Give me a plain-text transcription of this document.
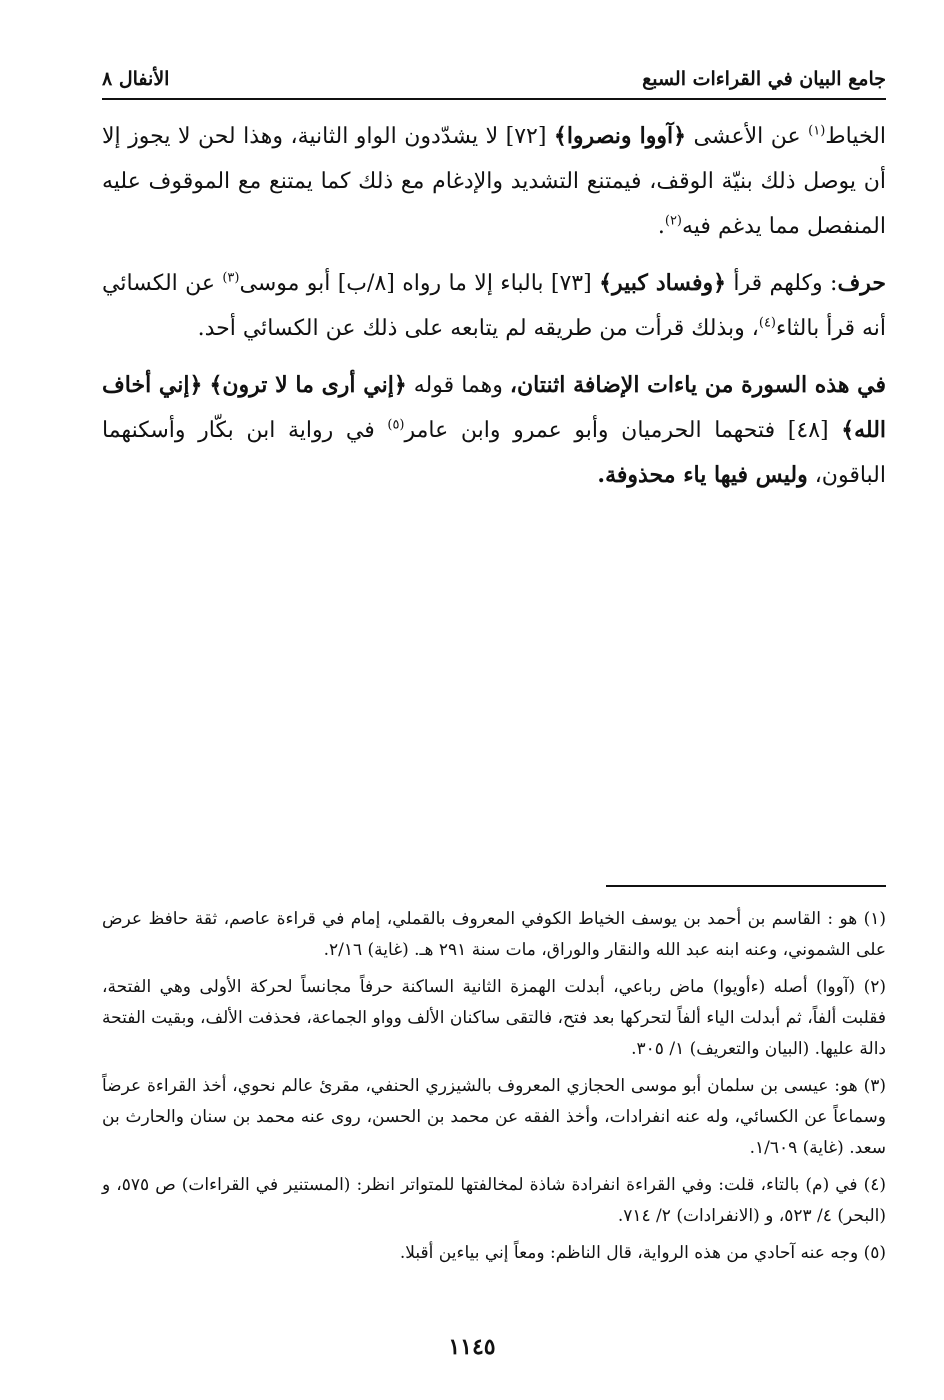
جامع البيان في القراءات السبع
الأنفال ٨

الخياط$^{(١)}$ عن الأعشى ﴿آووا ونصروا﴾ [٧٢] لا يشدّدون الواو الثانية، وهذا لحن لا يجوز إلا أن يوصل ذلك بنيّة الوقف، فيمتنع التشديد والإدغام مع ذلك كما يمتنع مع الموقوف عليه المنفصل مما يدغم فيه$^{(٢)}$.

حرف: وكلهم قرأ ﴿وفساد كبير﴾ [٧٣] بالباء إلا ما رواه [٨/ب] أبو موسى$^{(٣)}$ عن الكسائي أنه قرأ بالثاء$^{(٤)}$، وبذلك قرأت من طريقه لم يتابعه على ذلك عن الكسائي أحد.

في هذه السورة من ياءات الإضافة اثنتان، وهما قوله ﴿إني أرى ما لا ترون﴾ ﴿إني أخاف الله﴾ [٤٨] فتحهما الحرميان وأبو عمرو وابن عامر$^{(٥)}$ في رواية ابن بكّار وأسكنهما الباقون، وليس فيها ياء محذوفة.

(١) هو : القاسم بن أحمد بن يوسف الخياط الكوفي المعروف بالقملي، إمام في قراءة عاصم، ثقة حافظ عرض على الشموني، وعنه ابنه عبد الله والنقار والوراق، مات سنة ٢٩١ هـ. (غاية) ٢/١٦.

(٢) (آووا) أصله (ءأويوا) ماض رباعي، أبدلت الهمزة الثانية الساكنة حرفاً مجانساً لحركة الأولى وهي الفتحة، فقلبت ألفاً، ثم أبدلت الياء ألفاً لتحركها بعد فتح، فالتقى ساكنان الألف وواو الجماعة، فحذفت الألف، وبقيت الفتحة دالة عليها. (البيان والتعريف) ١/ ٣٠٥.

(٣) هو: عيسى بن سلمان أبو موسى الحجازي المعروف بالشيزري الحنفي، مقرئ عالم نحوي، أخذ القراءة عرضاً وسماعاً عن الكسائي، وله عنه انفرادات، وأخذ الفقه عن محمد بن الحسن، روى عنه محمد بن سنان والحارث بن سعد. (غاية) ١/٦٠٩.

(٤) في (م) بالتاء، قلت: وفي القراءة انفرادة شاذة لمخالفتها للمتواتر انظر: (المستنير في القراءات) ص ٥٧٥، و (البحر) ٤/ ٥٢٣، و (الانفرادات) ٢/ ٧١٤.

(٥) وجه عنه آحادي من هذه الرواية، قال الناظم: ومعاً إني بياءين أقبلا.

١١٤٥
